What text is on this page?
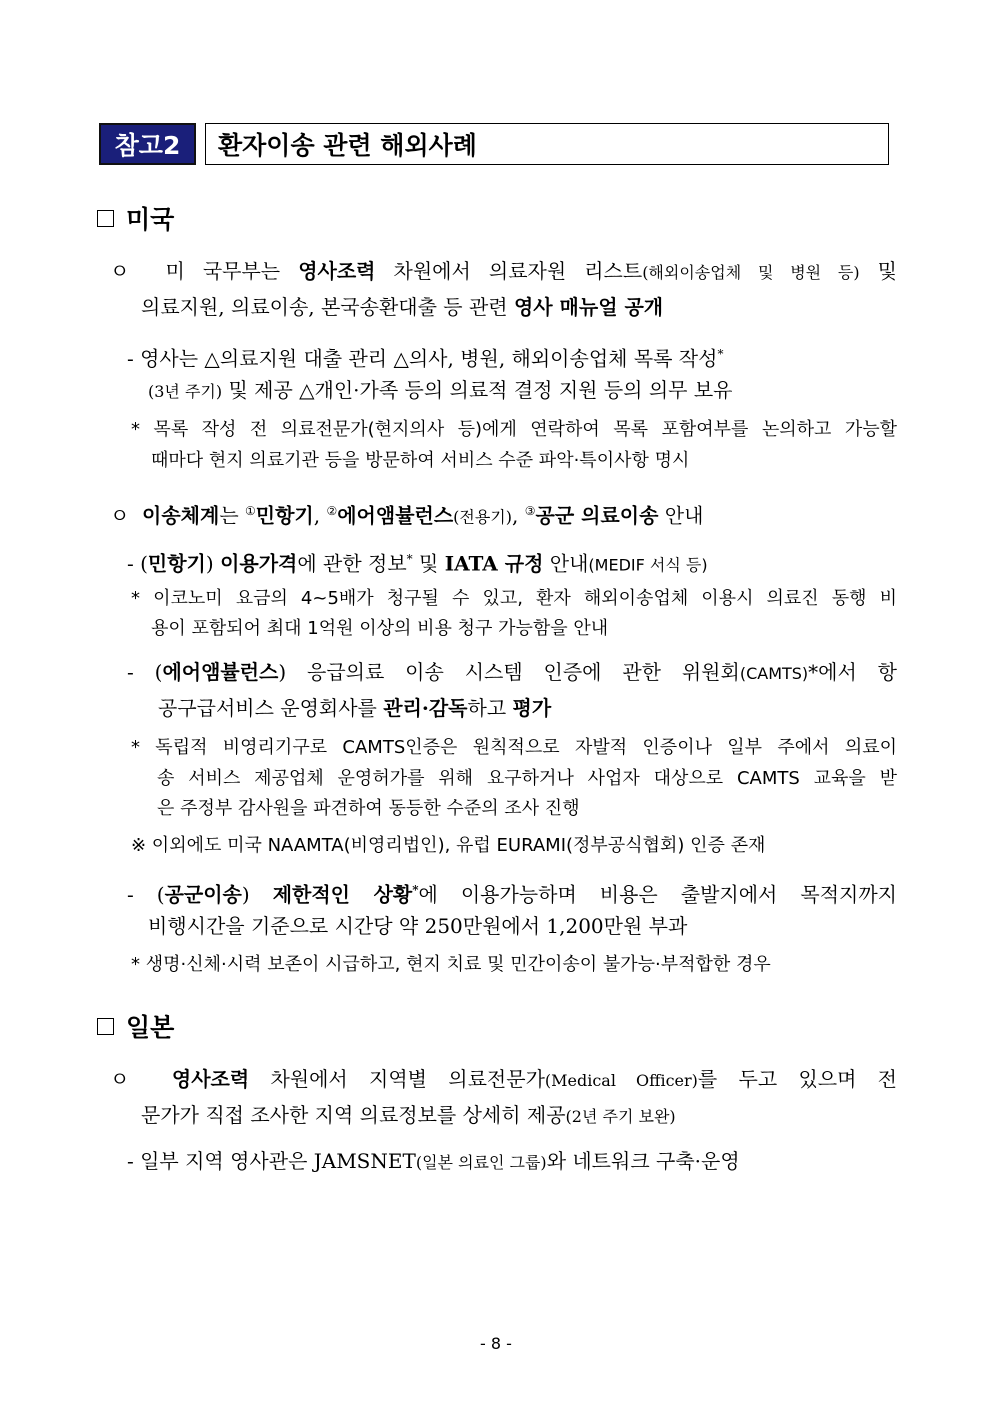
참고2	환자이송 관련 해외사례
미국
ㅇ 미 국무부는 영사조력 차원에서 의료자원 리스트(해외이송업체 및 병원 등) 및
의료지원, 의료이송, 본국송환대출 등 관련 영사 매뉴얼 공개
- 영사는 △의료지원 대출 관리 △의사, 병원, 해외이송업체 목록 작성*
(3년 주기) 및 제공 △개인·가족 등의 의료적 결정 지원 등의 의무 보유
* 목록 작성 전 의료전문가(현지의사 등)에게 연락하여 목록 포함여부를 논의하고 가능할
때마다 현지 의료기관 등을 방문하여 서비스 수준 파악·특이사항 명시
ㅇ 이송체계는 ①민항기, ②에어앰뷸런스(전용기), ③공군 의료이송 안내
- (민항기) 이용가격에 관한 정보* 및 IATA 규정 안내(MEDIF 서식 등)
* 이코노미 요금의 4~5배가 청구될 수 있고, 환자 해외이송업체 이용시 의료진 동행 비
용이 포함되어 최대 1억원 이상의 비용 청구 가능함을 안내
- (에어앰뷸런스) 응급의료 이송 시스템 인증에 관한 위원회(CAMTS)*에서 항
공구급서비스 운영회사를 관리·감독하고 평가
* 독립적 비영리기구로 CAMTS인증은 원칙적으로 자발적 인증이나 일부 주에서 의료이
송 서비스 제공업체 운영허가를 위해 요구하거나 사업자 대상으로 CAMTS 교육을 받
은 주정부 감사원을 파견하여 동등한 수준의 조사 진행
※ 이외에도 미국 NAAMTA(비영리법인), 유럽 EURAMI(정부공식협회) 인증 존재
- (공군이송) 제한적인 상황*에 이용가능하며 비용은 출발지에서 목적지까지
비행시간을 기준으로 시간당 약 250만원에서 1,200만원 부과
* 생명·신체·시력 보존이 시급하고, 현지 치료 및 민간이송이 불가능·부적합한 경우
일본
ㅇ 영사조력 차원에서 지역별 의료전문가(Medical Officer)를 두고 있으며 전
문가가 직접 조사한 지역 의료정보를 상세히 제공(2년 주기 보완)
- 일부 지역 영사관은 JAMSNET(일본 의료인 그룹)와 네트워크 구축·운영
- 8 -
